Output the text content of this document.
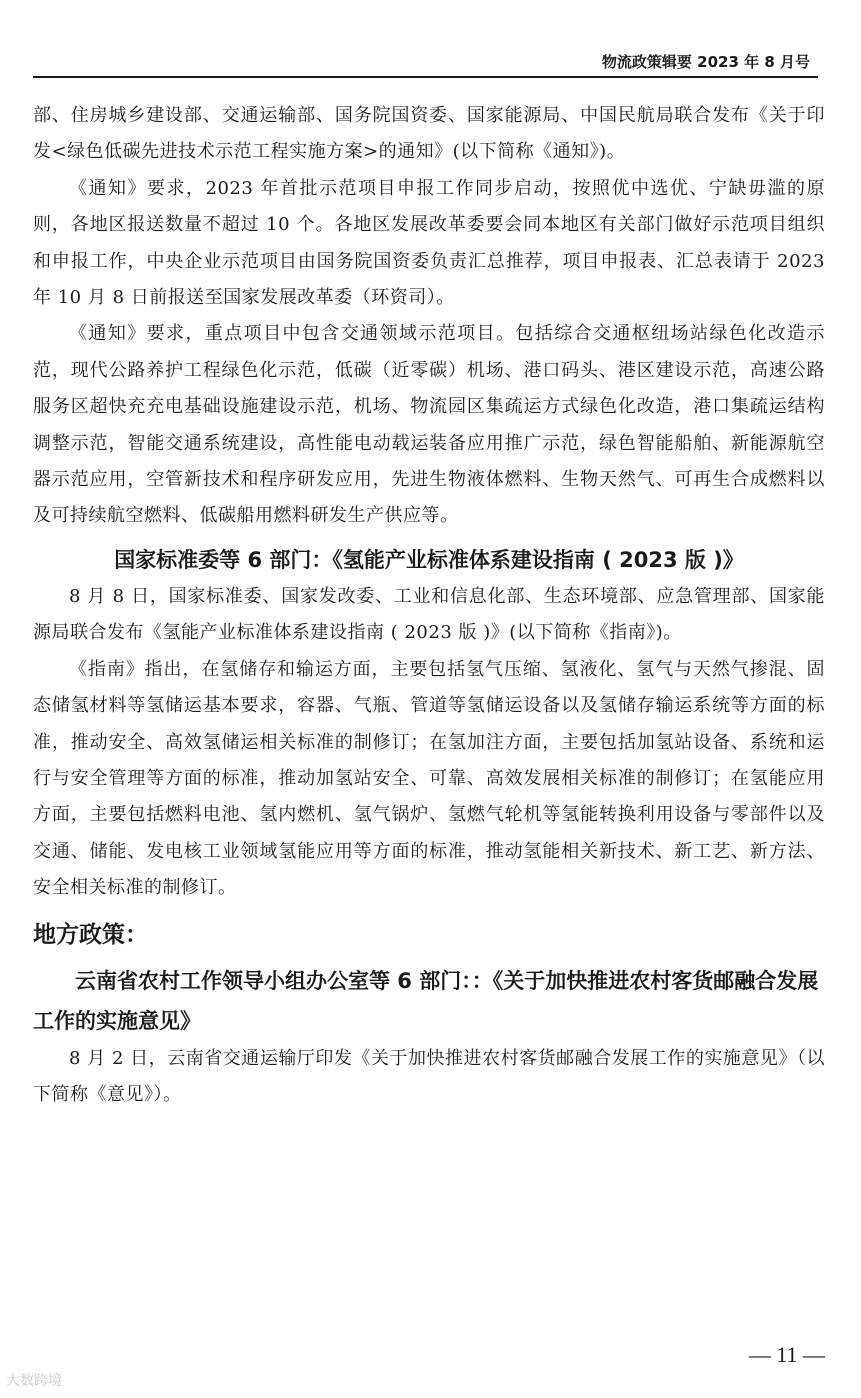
物流政策辑要 2023 年 8 月号

部、住房城乡建设部、交通运输部、国务院国资委、国家能源局、中国民航局联合发布《关于印发<绿色低碳先进技术示范工程实施方案>的通知》(以下简称《通知》)。

《通知》要求，2023 年首批示范项目申报工作同步启动，按照优中选优、宁缺毋滥的原则，各地区报送数量不超过 10 个。各地区发展改革委要会同本地区有关部门做好示范项目组织和申报工作，中央企业示范项目由国务院国资委负责汇总推荐，项目申报表、汇总表请于 2023 年 10 月 8 日前报送至国家发展改革委（环资司）。

《通知》要求，重点项目中包含交通领域示范项目。包括综合交通枢纽场站绿色化改造示范，现代公路养护工程绿色化示范，低碳（近零碳）机场、港口码头、港区建设示范，高速公路服务区超快充充电基础设施建设示范，机场、物流园区集疏运方式绿色化改造，港口集疏运结构调整示范，智能交通系统建设，高性能电动载运装备应用推广示范，绿色智能船舶、新能源航空器示范应用，空管新技术和程序研发应用，先进生物液体燃料、生物天然气、可再生合成燃料以及可持续航空燃料、低碳船用燃料研发生产供应等。

国家标准委等 6 部门：《氢能产业标准体系建设指南 ( 2023 版 )》

8 月 8 日，国家标准委、国家发改委、工业和信息化部、生态环境部、应急管理部、国家能源局联合发布《氢能产业标准体系建设指南 ( 2023 版 )》(以下简称《指南》)。

《指南》指出，在氢储存和输运方面，主要包括氢气压缩、氢液化、氢气与天然气掺混、固态储氢材料等氢储运基本要求，容器、气瓶、管道等氢储运设备以及氢储存输运系统等方面的标准，推动安全、高效氢储运相关标准的制修订；在氢加注方面，主要包括加氢站设备、系统和运行与安全管理等方面的标准，推动加氢站安全、可靠、高效发展相关标准的制修订；在氢能应用方面，主要包括燃料电池、氢内燃机、氢气锅炉、氢燃气轮机等氢能转换利用设备与零部件以及交通、储能、发电核工业领域氢能应用等方面的标准，推动氢能相关新技术、新工艺、新方法、安全相关标准的制修订。

地方政策：
云南省农村工作领导小组办公室等 6 部门：：《关于加快推进农村客货邮融合发展工作的实施意见》

8 月 2 日，云南省交通运输厅印发《关于加快推进农村客货邮融合发展工作的实施意见》（以下简称《意见》）。

— 11 —
大数跨境
